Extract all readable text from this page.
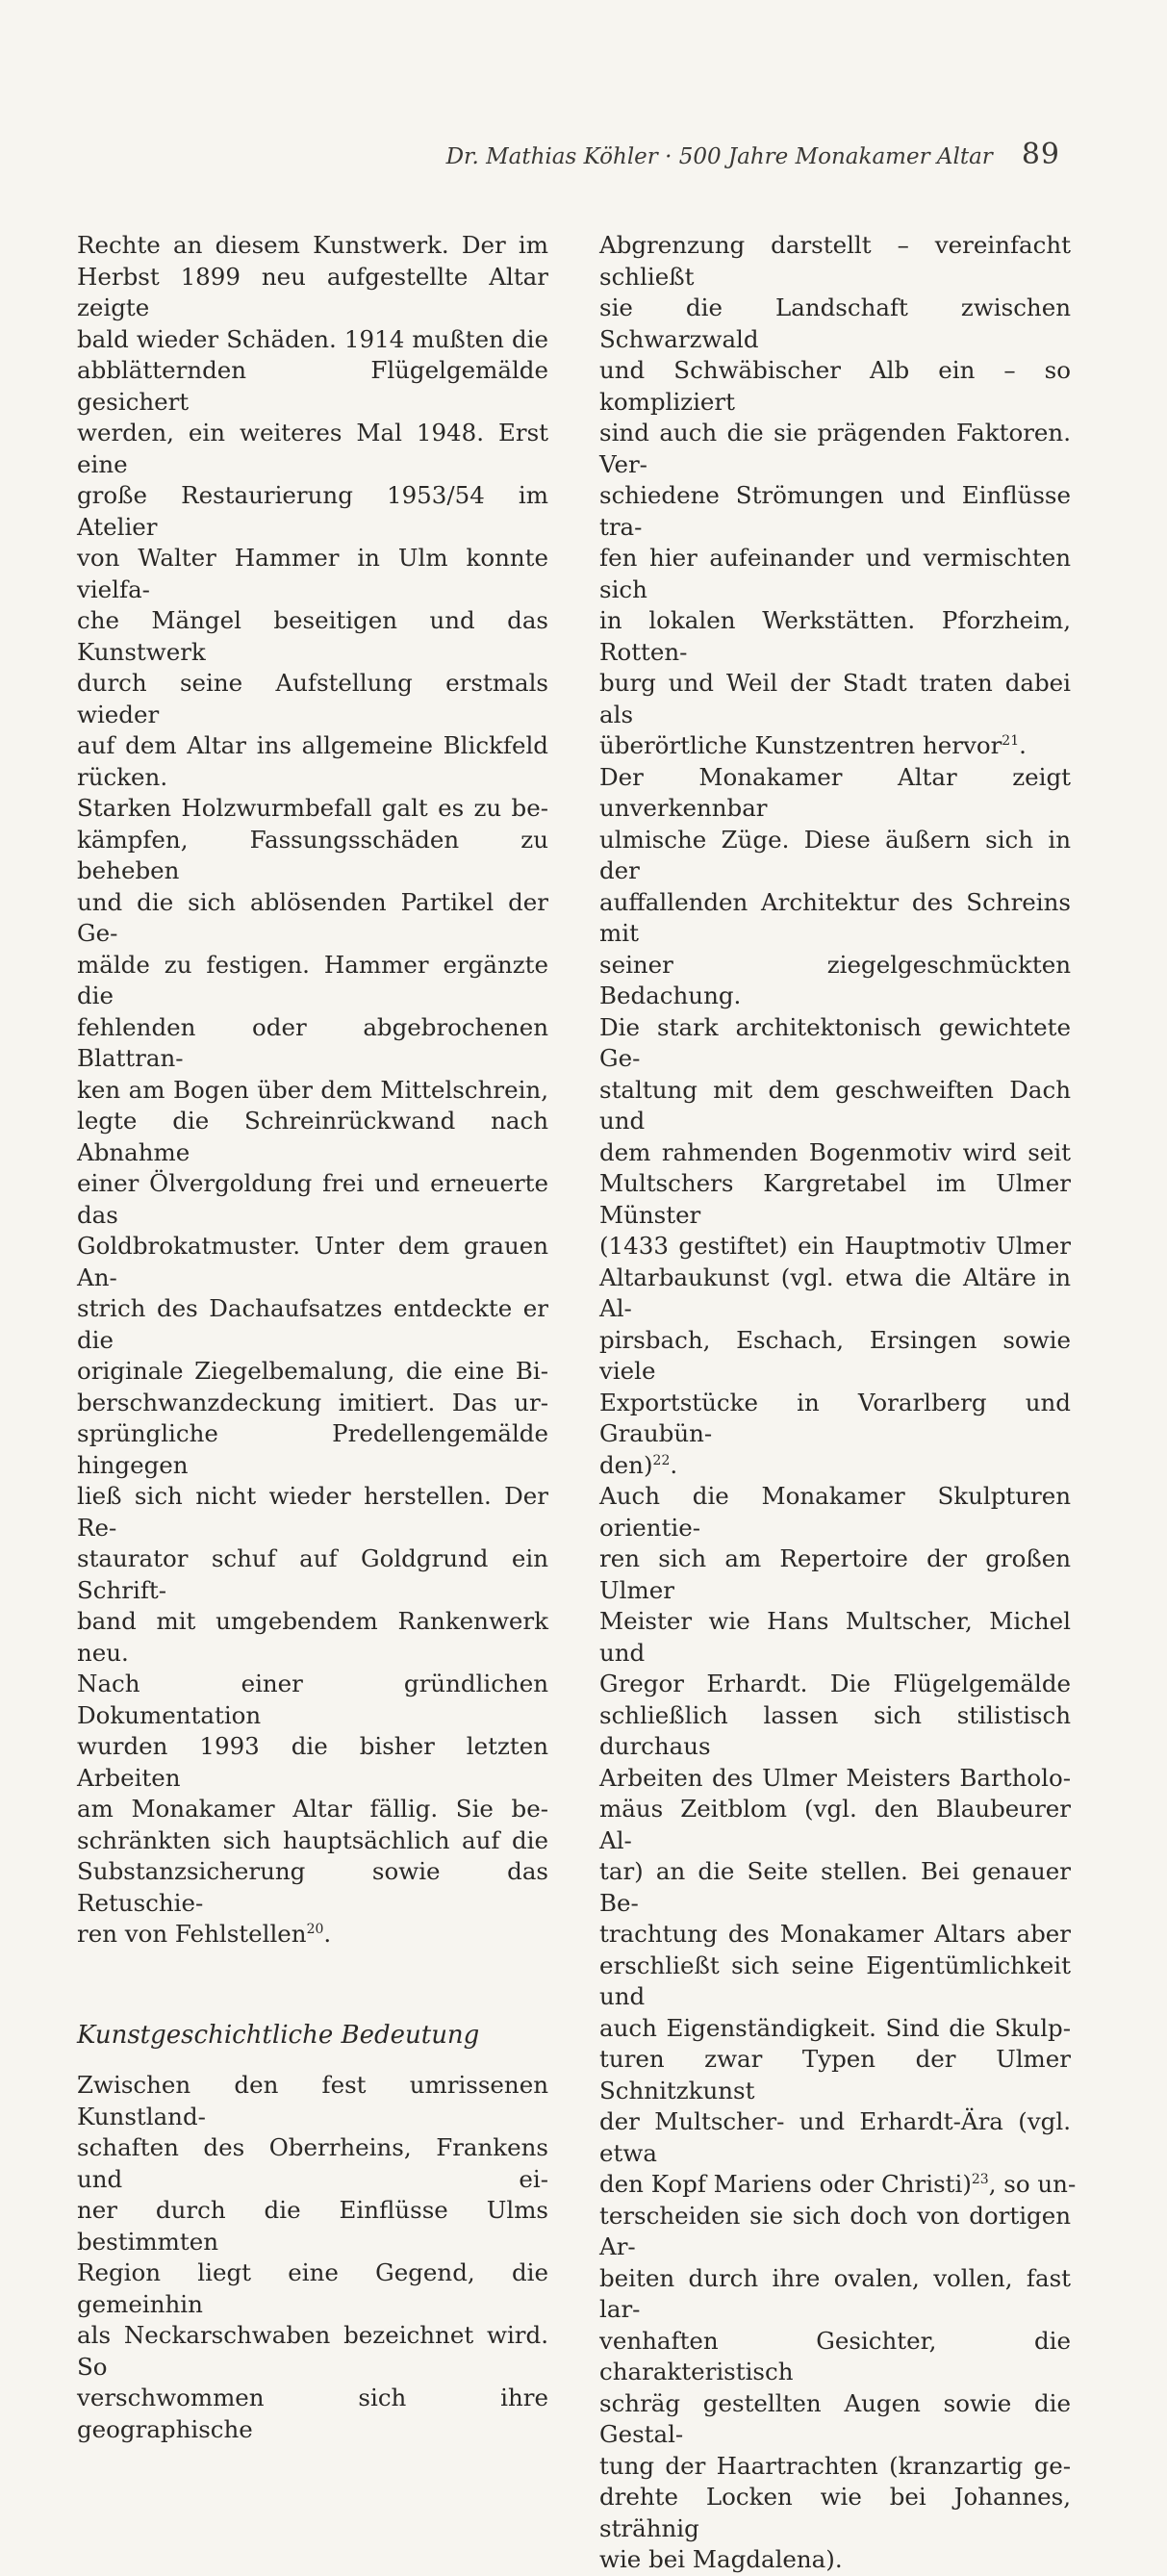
Dr. Mathias Köhler · 500 Jahre Monakamer Altar 89
Rechte an diesem Kunstwerk. Der im
Herbst 1899 neu aufgestellte Altar zeigte
bald wieder Schäden. 1914 mußten die
abblätternden Flügelgemälde gesichert
werden, ein weiteres Mal 1948. Erst eine
große Restaurierung 1953/54 im Atelier
von Walter Hammer in Ulm konnte vielfa-
che Mängel beseitigen und das Kunstwerk
durch seine Aufstellung erstmals wieder
auf dem Altar ins allgemeine Blickfeld
rücken.
Starken Holzwurmbefall galt es zu be-
kämpfen, Fassungsschäden zu beheben
und die sich ablösenden Partikel der Ge-
mälde zu festigen. Hammer ergänzte die
fehlenden oder abgebrochenen Blattran-
ken am Bogen über dem Mittelschrein,
legte die Schreinrückwand nach Abnahme
einer Ölvergoldung frei und erneuerte das
Goldbrokatmuster. Unter dem grauen An-
strich des Dachaufsatzes entdeckte er die
originale Ziegelbemalung, die eine Bi-
berschwanzdeckung imitiert. Das ur-
sprüngliche Predellengemälde hingegen
ließ sich nicht wieder herstellen. Der Re-
staurator schuf auf Goldgrund ein Schrift-
band mit umgebendem Rankenwerk neu.
Nach einer gründlichen Dokumentation
wurden 1993 die bisher letzten Arbeiten
am Monakamer Altar fällig. Sie be-
schränkten sich hauptsächlich auf die
Substanzsicherung sowie das Retuschie-
ren von Fehlstellen$^{20}$.
Kunstgeschichtliche Bedeutung
Zwischen den fest umrissenen Kunstland-
schaften des Oberrheins, Frankens und ei-
ner durch die Einflüsse Ulms bestimmten
Region liegt eine Gegend, die gemeinhin
als Neckarschwaben bezeichnet wird. So
verschwommen sich ihre geographische
Abgrenzung darstellt – vereinfacht schließt
sie die Landschaft zwischen Schwarzwald
und Schwäbischer Alb ein – so kompliziert
sind auch die sie prägenden Faktoren. Ver-
schiedene Strömungen und Einflüsse tra-
fen hier aufeinander und vermischten sich
in lokalen Werkstätten. Pforzheim, Rotten-
burg und Weil der Stadt traten dabei als
überörtliche Kunstzentren hervor$^{21}$.
Der Monakamer Altar zeigt unverkennbar
ulmische Züge. Diese äußern sich in der
auffallenden Architektur des Schreins mit
seiner ziegelgeschmückten Bedachung.
Die stark architektonisch gewichtete Ge-
staltung mit dem geschweiften Dach und
dem rahmenden Bogenmotiv wird seit
Multschers Kargretabel im Ulmer Münster
(1433 gestiftet) ein Hauptmotiv Ulmer
Altarbaukunst (vgl. etwa die Altäre in Al-
pirsbach, Eschach, Ersingen sowie viele
Exportstücke in Vorarlberg und Graubün-
den)$^{22}$.
Auch die Monakamer Skulpturen orientie-
ren sich am Repertoire der großen Ulmer
Meister wie Hans Multscher, Michel und
Gregor Erhardt. Die Flügelgemälde
schließlich lassen sich stilistisch durchaus
Arbeiten des Ulmer Meisters Bartholo-
mäus Zeitblom (vgl. den Blaubeurer Al-
tar) an die Seite stellen. Bei genauer Be-
trachtung des Monakamer Altars aber
erschließt sich seine Eigentümlichkeit und
auch Eigenständigkeit. Sind die Skulp-
turen zwar Typen der Ulmer Schnitzkunst
der Multscher- und Erhardt-Ära (vgl. etwa
den Kopf Mariens oder Christi)$^{23}$, so un-
terscheiden sie sich doch von dortigen Ar-
beiten durch ihre ovalen, vollen, fast lar-
venhaften Gesichter, die charakteristisch
schräg gestellten Augen sowie die Gestal-
tung der Haartrachten (kranzartig ge-
drehte Locken wie bei Johannes, strähnig
wie bei Magdalena).
